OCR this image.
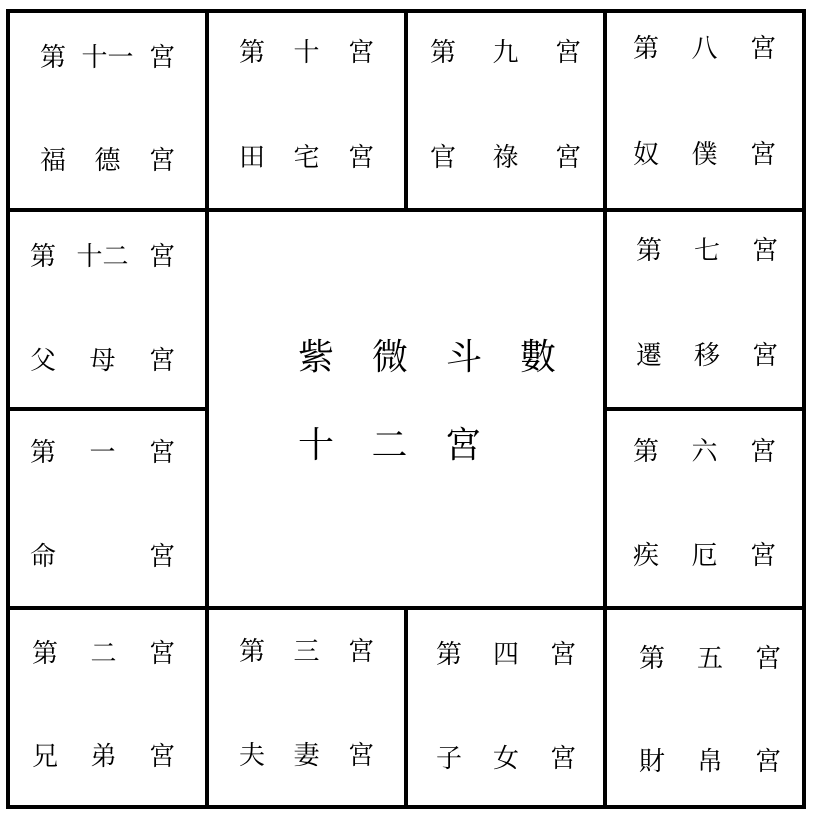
第 十一 宮
福 德 宮
第 十 宮
田 宅 宮
第 九 宮
官 祿 宮
第 八 宮
奴 僕 宮
第 十二 宮
父 母 宮	紫 微 斗 數
十 二 宮
第 七 宮
遷 移 宮
第 一 宮
命	宮
第 六 宮
疾 厄 宮
第 二 宮
兄 弟 宮
第 三 宮
夫 妻 宮
第 四 宮
子 女 宮
第 五 宮
財 帛 宮
